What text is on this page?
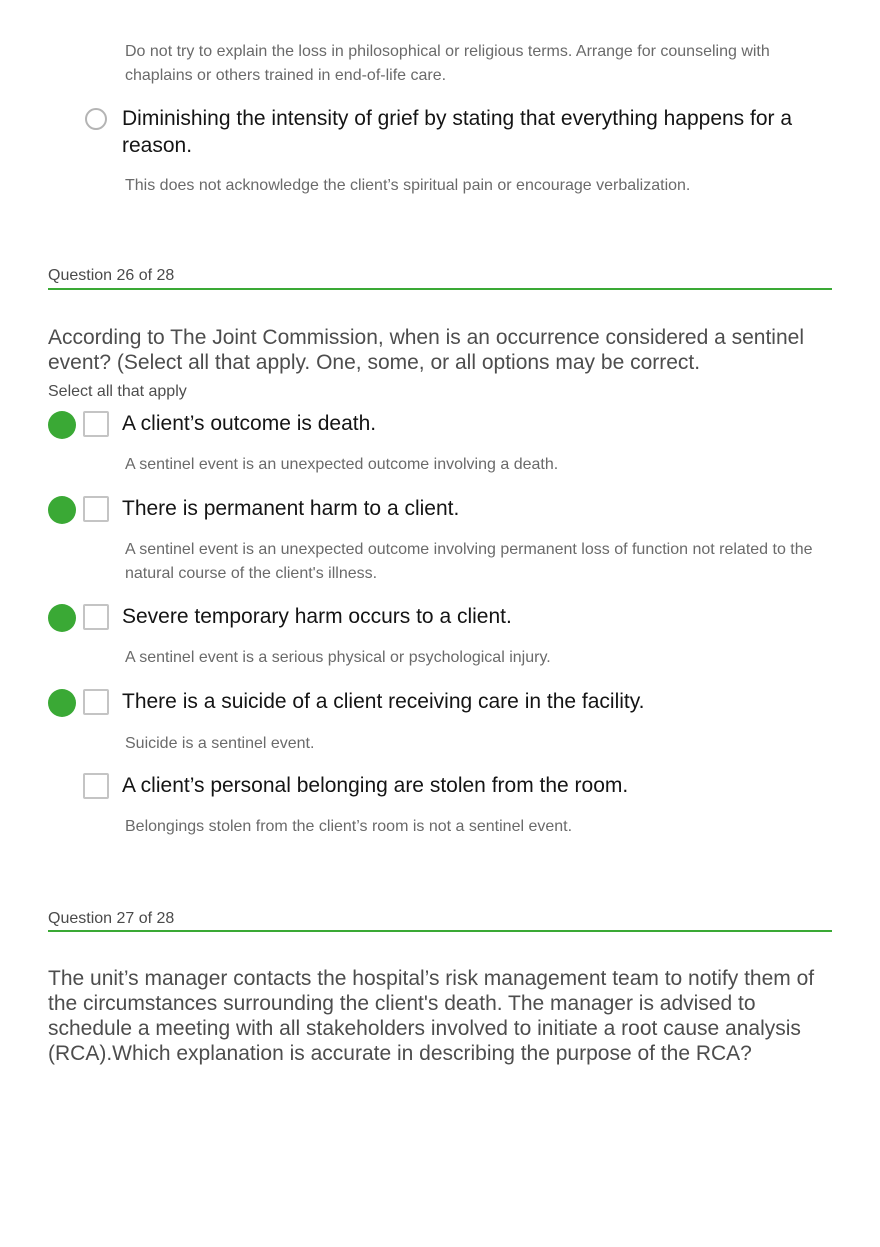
Do not try to explain the loss in philosophical or religious terms. Arrange for counseling with chaplains or others trained in end-of-life care.
Diminishing the intensity of grief by stating that everything happens for a reason.
This does not acknowledge the client’s spiritual pain or encourage verbalization.
Question 26 of 28
According to The Joint Commission, when is an occurrence considered a sentinel event? (Select all that apply. One, some, or all options may be correct.
Select all that apply
A client’s outcome is death.
A sentinel event is an unexpected outcome involving a death.
There is permanent harm to a client.
A sentinel event is an unexpected outcome involving permanent loss of function not related to the natural course of the client's illness.
Severe temporary harm occurs to a client.
A sentinel event is a serious physical or psychological injury.
There is a suicide of a client receiving care in the facility.
Suicide is a sentinel event.
A client’s personal belonging are stolen from the room.
Belongings stolen from the client’s room is not a sentinel event.
Question 27 of 28
The unit’s manager contacts the hospital’s risk management team to notify them of the circumstances surrounding the client's death. The manager is advised to schedule a meeting with all stakeholders involved to initiate a root cause analysis (RCA).Which explanation is accurate in describing the purpose of the RCA?
